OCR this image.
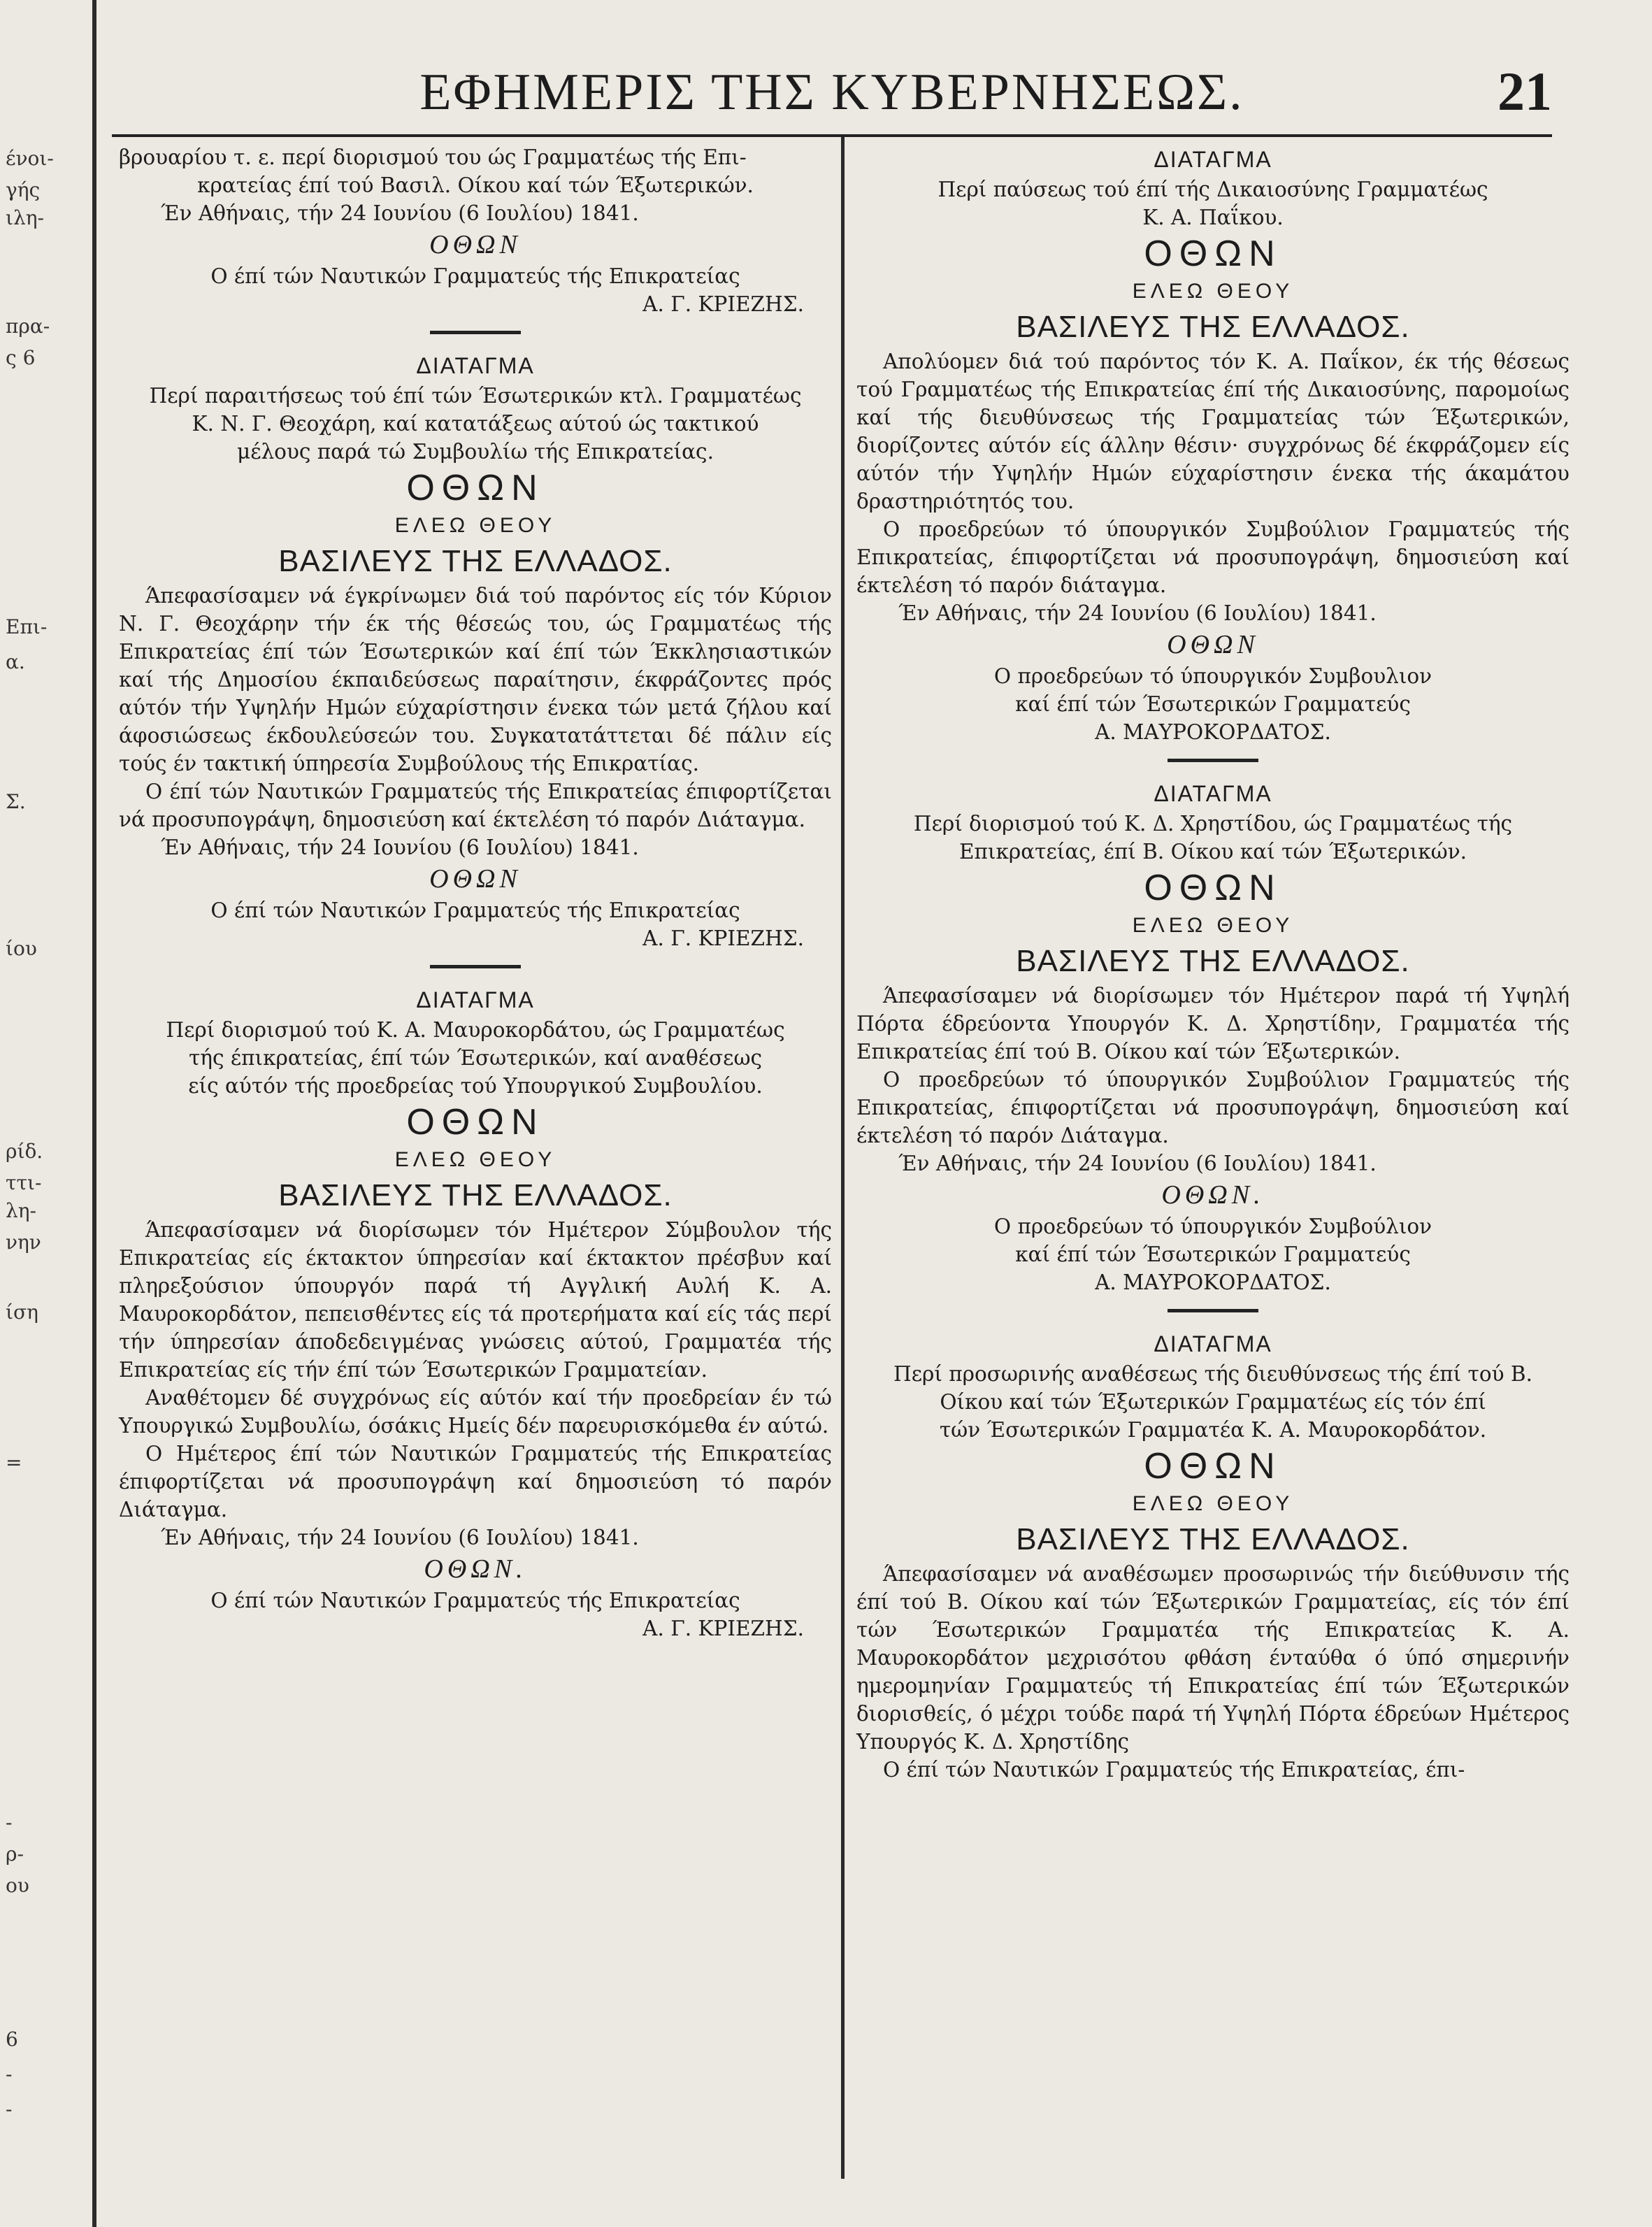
ένοι-
γής
ιλη-
πρα-
ς 6
Επι-
α.
Σ.
ίου
ρίδ.
ττι-
λη-
νην
ίση
=
-
ρ-
ου
6
-
-
ΕΦΗΜΕΡΙΣ ΤΗΣ ΚΥΒΕΡΝΗΣΕΩΣ.	21
βρουαρίου τ. ε. περί διορισμού του ώς Γραμματέως τής Επι-
κρατείας έπί τού Βασιλ. Οίκου καί τών Έξωτερικών.

Έν Αθήναις, τήν 24 Ιουνίου (6 Ιουλίου) 1841.

ΟΘΩΝ

Ο έπί τών Ναυτικών Γραμματεύς τής Επικρατείας

Α. Γ. ΚΡΙΕΖΗΣ.

ΔΙΑΤΑΓΜΑ

Περί παραιτήσεως τού έπί τών Έσωτερικών κτλ. Γραμματέως
Κ. Ν. Γ. Θεοχάρη, καί κατατάξεως αύτού ώς τακτικού
μέλους παρά τώ Συμβουλίω τής Επικρατείας.

ΟΘΩΝ

ΕΛΕΩ ΘΕΟΥ

ΒΑΣΙΛΕΥΣ ΤΗΣ ΕΛΛΑΔΟΣ.

Άπεφασίσαμεν νά έγκρίνωμεν διά τού παρόντος είς τόν Κύριον Ν. Γ. Θεοχάρην τήν έκ τής θέσεώς του, ώς Γραμματέως τής Επικρατείας έπί τών Έσωτερικών καί έπί τών Έκκλησιαστικών καί τής Δημοσίου έκπαιδεύσεως παραίτησιν, έκφράζοντες πρός αύτόν τήν Υψηλήν Ημών εύχαρίστησιν ένεκα τών μετά ζήλου καί άφοσιώσεως έκδουλεύσεών του. Συγκατατάττεται δέ πάλιν είς τούς έν τακτική ύπηρεσία Συμβούλους τής Επικρατίας.

Ο έπί τών Ναυτικών Γραμματεύς τής Επικρατείας έπιφορτίζεται νά προσυπογράψη, δημοσιεύση καί έκτελέση τό παρόν Διάταγμα.

Έν Αθήναις, τήν 24 Ιουνίου (6 Ιουλίου) 1841.

ΟΘΩΝ

Ο έπί τών Ναυτικών Γραμματεύς τής Επικρατείας

Α. Γ. ΚΡΙΕΖΗΣ.

ΔΙΑΤΑΓΜΑ

Περί διορισμού τού Κ. Α. Μαυροκορδάτου, ώς Γραμματέως
τής έπικρατείας, έπί τών Έσωτερικών, καί αναθέσεως
είς αύτόν τής προεδρείας τού Υπουργικού Συμβουλίου.

ΟΘΩΝ

ΕΛΕΩ ΘΕΟΥ

ΒΑΣΙΛΕΥΣ ΤΗΣ ΕΛΛΑΔΟΣ.

Άπεφασίσαμεν νά διορίσωμεν τόν Ημέτερον Σύμβουλον τής Επικρατείας είς έκτακτον ύπηρεσίαν καί έκτακτον πρέσβυν καί πληρεξούσιον ύπουργόν παρά τή Αγγλική Αυλή Κ. Α. Μαυροκορδάτον, πεπεισθέντες είς τά προτερήματα καί είς τάς περί τήν ύπηρεσίαν άποδεδειγμένας γνώσεις αύτού, Γραμματέα τής Επικρατείας είς τήν έπί τών Έσωτερικών Γραμματείαν.

Αναθέτομεν δέ συγχρόνως είς αύτόν καί τήν προεδρείαν έν τώ Υπουργικώ Συμβουλίω, όσάκις Ημείς δέν παρευρισκόμεθα έν αύτώ.

Ο Ημέτερος έπί τών Ναυτικών Γραμματεύς τής Επικρατείας έπιφορτίζεται νά προσυπογράψη καί δημοσιεύση τό παρόν Διάταγμα.

Έν Αθήναις, τήν 24 Ιουνίου (6 Ιουλίου) 1841.

ΟΘΩΝ.

Ο έπί τών Ναυτικών Γραμματεύς τής Επικρατείας

Α. Γ. ΚΡΙΕΖΗΣ.

ΔΙΑΤΑΓΜΑ

Περί παύσεως τού έπί τής Δικαιοσύνης Γραμματέως
Κ. Α. Παΐκου.

ΟΘΩΝ

ΕΛΕΩ ΘΕΟΥ

ΒΑΣΙΛΕΥΣ ΤΗΣ ΕΛΛΑΔΟΣ.

Απολύομεν διά τού παρόντος τόν Κ. Α. Παΐκον, έκ τής θέσεως τού Γραμματέως τής Επικρατείας έπί τής Δικαιοσύνης, παρομοίως καί τής διευθύνσεως τής Γραμματείας τών Έξωτερικών, διορίζοντες αύτόν είς άλλην θέσιν· συγχρόνως δέ έκφράζομεν είς αύτόν τήν Υψηλήν Ημών εύχαρίστησιν ένεκα τής άκαμάτου δραστηριότητός του.

Ο προεδρεύων τό ύπουργικόν Συμβούλιον Γραμματεύς τής Επικρατείας, έπιφορτίζεται νά προσυπογράψη, δημοσιεύση καί έκτελέση τό παρόν διάταγμα.

Έν Αθήναις, τήν 24 Ιουνίου (6 Ιουλίου) 1841.

ΟΘΩΝ

Ο προεδρεύων τό ύπουργικόν Συμβουλιον

καί έπί τών Έσωτερικών Γραμματεύς

Α. ΜΑΥΡΟΚΟΡΔΑΤΟΣ.

ΔΙΑΤΑΓΜΑ

Περί διορισμού τού Κ. Δ. Χρηστίδου, ώς Γραμματέως τής
Επικρατείας, έπί Β. Οίκου καί τών Έξωτερικών.

ΟΘΩΝ

ΕΛΕΩ ΘΕΟΥ

ΒΑΣΙΛΕΥΣ ΤΗΣ ΕΛΛΑΔΟΣ.

Άπεφασίσαμεν νά διορίσωμεν τόν Ημέτερον παρά τή Υψηλή Πόρτα έδρεύοντα Υπουργόν Κ. Δ. Χρηστίδην, Γραμματέα τής Επικρατείας έπί τού Β. Οίκου καί τών Έξωτερικών.

Ο προεδρεύων τό ύπουργικόν Συμβούλιον Γραμματεύς τής Επικρατείας, έπιφορτίζεται νά προσυπογράψη, δημοσιεύση καί έκτελέση τό παρόν Διάταγμα.

Έν Αθήναις, τήν 24 Ιουνίου (6 Ιουλίου) 1841.

ΟΘΩΝ.

Ο προεδρεύων τό ύπουργικόν Συμβούλιον

καί έπί τών Έσωτερικών Γραμματεύς

Α. ΜΑΥΡΟΚΟΡΔΑΤΟΣ.

ΔΙΑΤΑΓΜΑ

Περί προσωρινής αναθέσεως τής διευθύνσεως τής έπί τού Β.
Οίκου καί τών Έξωτερικών Γραμματέως είς τόν έπί
τών Έσωτερικών Γραμματέα Κ. Α. Μαυροκορδάτον.

ΟΘΩΝ

ΕΛΕΩ ΘΕΟΥ

ΒΑΣΙΛΕΥΣ ΤΗΣ ΕΛΛΑΔΟΣ.

Άπεφασίσαμεν νά αναθέσωμεν προσωρινώς τήν διεύθυνσιν τής έπί τού Β. Οίκου καί τών Έξωτερικών Γραμματείας, είς τόν έπί τών Έσωτερικών Γραμματέα τής Επικρατείας Κ. Α. Μαυροκορδάτον μεχρισότου φθάση ένταύθα ό ύπό σημερινήν ημερομηνίαν Γραμματεύς τή Επικρατείας έπί τών Έξωτερικών διορισθείς, ό μέχρι τούδε παρά τή Υψηλή Πόρτα έδρεύων Ημέτερος Υπουργός Κ. Δ. Χρηστίδης

Ο έπί τών Ναυτικών Γραμματεύς τής Επικρατείας, έπι-
